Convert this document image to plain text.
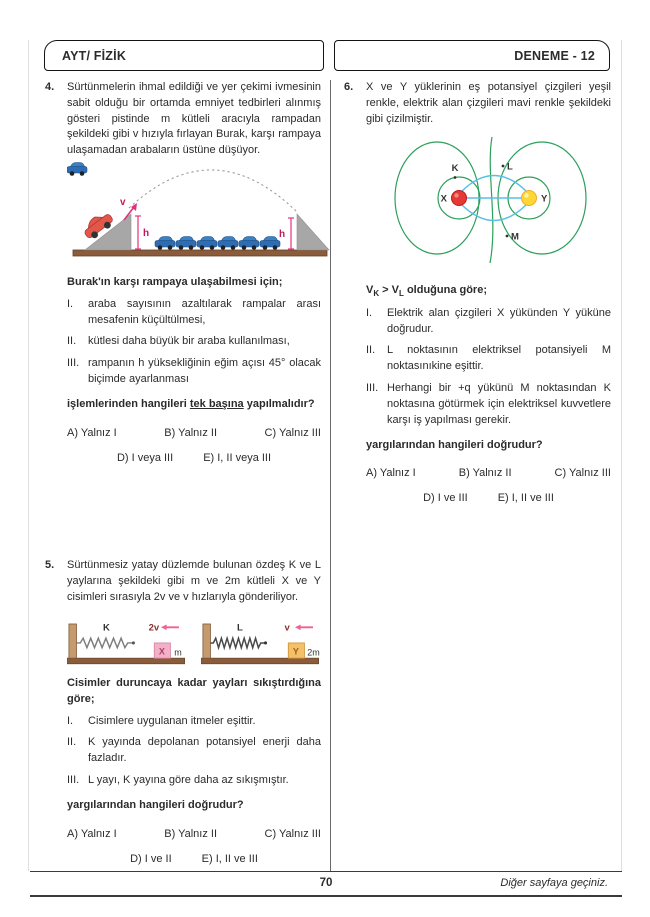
AYT/ FİZİK	DENEME - 12
4.	Sürtünmelerin ihmal edildiği ve yer çekimi ivmesinin sabit olduğu bir ortamda emniyet tedbirleri alınmış gösteri pistinde m kütleli aracıyla rampadan şekildeki gibi v hızıyla fırlayan Burak, karşı rampaya ulaşamadan arabaların üstüne düşüyor.
v
h	h
Burak'ın karşı rampaya ulaşabilmesi için;
I.	araba sayısının azaltılarak rampalar arası mesafenin küçültülmesi,
II.	kütlesi daha büyük bir araba kullanılması,
III. rampanın h yüksekliğinin eğim açısı 45° olacak biçimde ayarlanması
işlemlerinden hangileri tek başına yapılmalıdır?
A) Yalnız I	B) Yalnız II	C) Yalnız III
D) I veya III	E) I, II veya III
5.	Sürtünmesiz yatay düzlemde bulunan özdeş K ve L yaylarına şekildeki gibi m ve 2m kütleli X ve Y cisimleri sırasıyla 2v ve v hızlarıyla gönderiliyor.
K	2v
X m
L	v
Y 2m
Cisimler duruncaya kadar yayları sıkıştırdığına göre;
I.	Cisimlere uygulanan itmeler eşittir.
II.	K yayında depolanan potansiyel enerji daha fazladır.
III. L yayı, K yayına göre daha az sıkışmıştır.
yargılarından hangileri doğrudur?
A) Yalnız I	B) Yalnız II	C) Yalnız III
D) I ve II	E) I, II ve III
6.	X ve Y yüklerinin eş potansiyel çizgileri yeşil renkle, elektrik alan çizgileri mavi renkle şekildeki gibi çizilmiştir.
X	Y
K	L
M
$V_K > V_L$ olduğuna göre;
I.	Elektrik alan çizgileri X yükünden Y yüküne doğrudur.
II.	L noktasının elektriksel potansiyeli M noktasınıkine eşittir.
III. Herhangi bir +q yükünü M noktasından K noktasına götürmek için elektriksel kuvvetlere karşı iş yapılması gerekir.
yargılarından hangileri doğrudur?
A) Yalnız I	B) Yalnız II	C) Yalnız III
D) I ve III	E) I, II ve III
70	Diğer sayfaya geçiniz.
